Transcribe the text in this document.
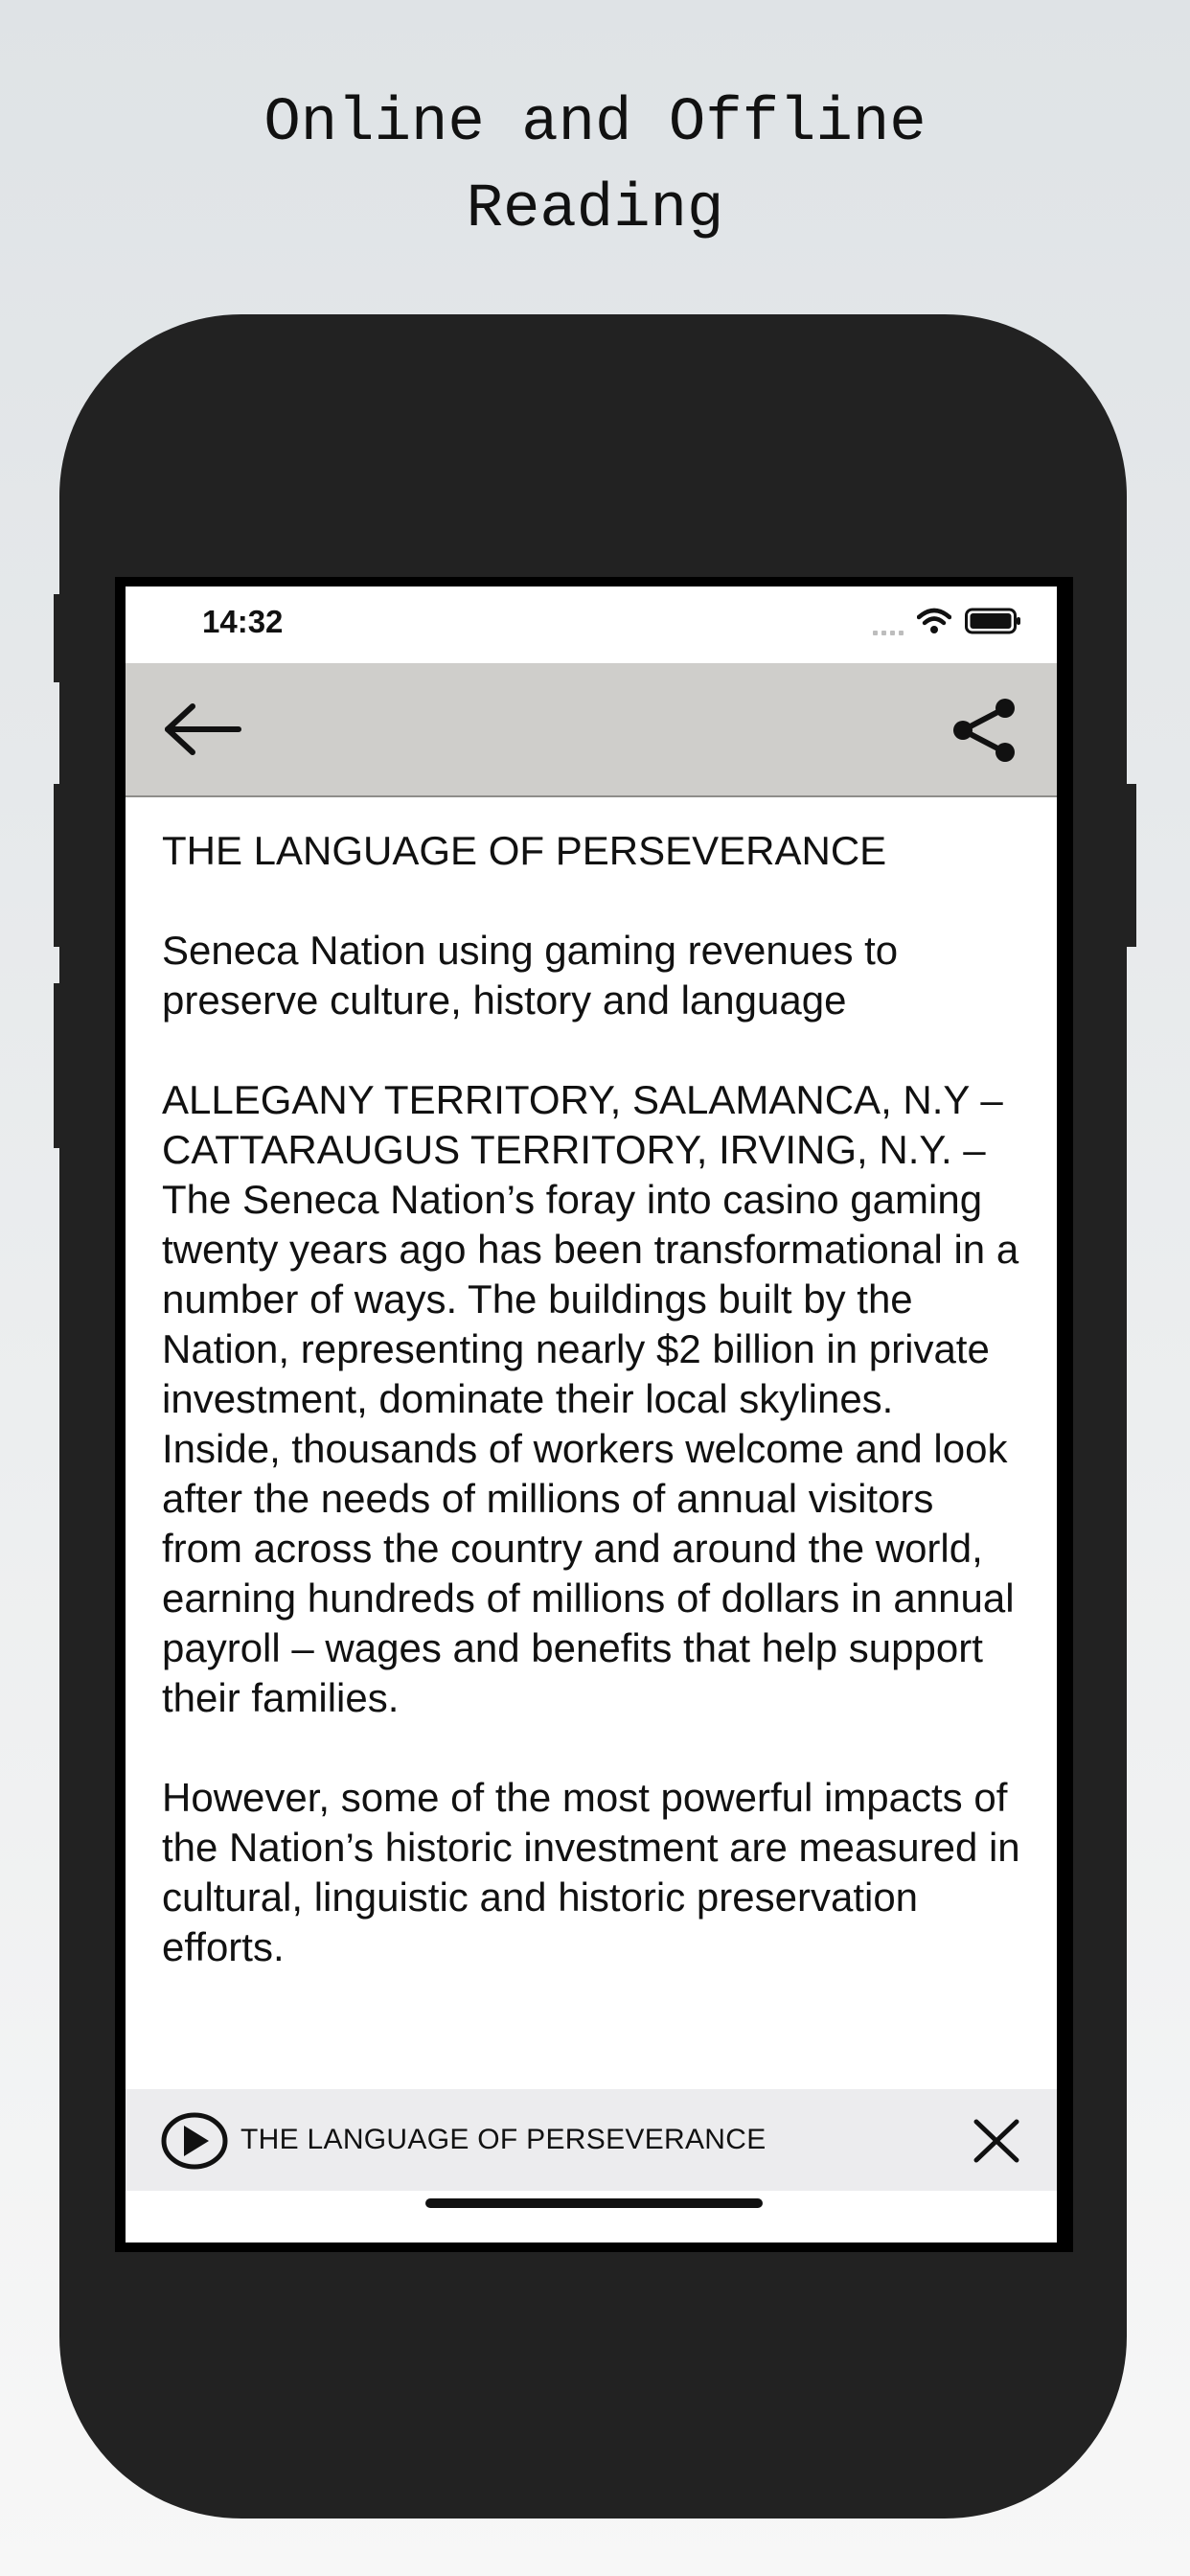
Online and Offline
Reading
14:32

THE LANGUAGE OF PERSEVERANCE

Seneca Nation using gaming revenues to preserve culture, history and language

ALLEGANY TERRITORY, SALAMANCA, N.Y – CATTARAUGUS TERRITORY, IRVING, N.Y. – The Seneca Nation’s foray into casino gaming twenty years ago has been transformational in a number of ways. The buildings built by the Nation, representing nearly $2 billion in private investment, dominate their local skylines. Inside, thousands of workers welcome and look after the needs of millions of annual visitors from across the country and around the world, earning hundreds of millions of dollars in annual payroll – wages and benefits that help support their families.

However, some of the most powerful impacts of the Nation’s historic investment are measured in cultural, linguistic and historic preservation efforts.

THE LANGUAGE OF PERSEVERANCE
